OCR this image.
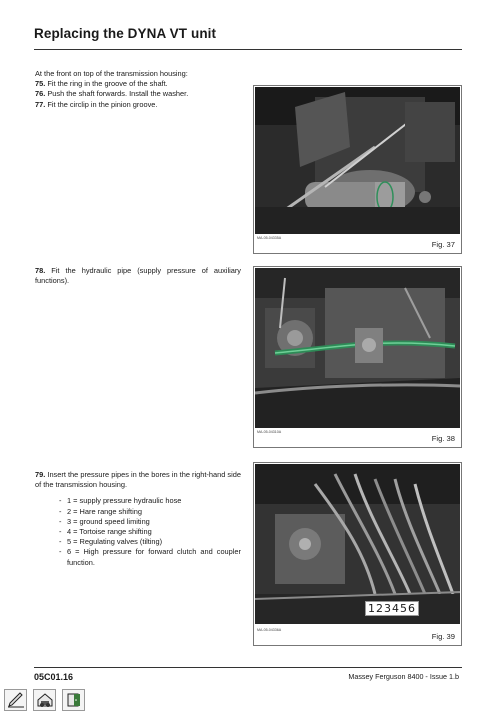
Replacing the DYNA VT unit

At the front on top of the transmission housing:

75. Fit the ring in the groove of the shaft.

76. Push the shaft forwards. Install the washer.

77. Fit the circlip in the pinion groove.

MA-05-04335A
Fig. 37

78. Fit the hydraulic pipe (supply pressure of auxiliary functions).

MA-05-04310A
Fig. 38

79. Insert the pressure pipes in the bores in the right-hand side of the transmission housing.

- 1 = supply pressure hydraulic hose
- 2 = Hare range shifting
- 3 = ground speed limiting
- 4 = Tortoise range shifting
- 5 = Regulating valves (tilting)
- 6 = High pressure for forward clutch and coupler function.
123456
MA-05-04336A
Fig. 39
05C01.16	Massey Ferguson 8400 - Issue 1.b
